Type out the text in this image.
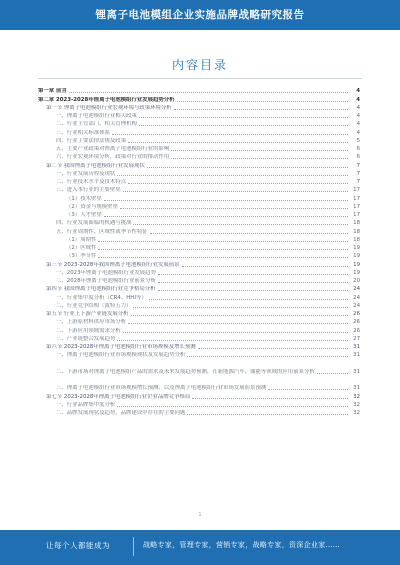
锂离子电池模组企业实施品牌战略研究报告
内容目录
第一章 前言	4
第二章 2023-2028年锂离子电池模组行业发展趋势分析	4
第一节 锂离子电池模组行业宏观环境与政策环境分析	4
一、锂离子电池模组行业相关政策	4
二、行业主管部门、相关管理机构	4
三、行业相关标准体系	4
四、行业主要法律法规及政策	5
五、主要产业政策对锂离子电池模组行业的影响	6
六、行业宏观环境分析，政策对行业的推动作用	6
第二节 我国锂离子电池模组行业发展现状	7
一、行业发展历程及现状	7
二、行业技术水平及技术特点	7
三、进入本行业的主要壁垒	17
（1）技术壁垒	17
（2）资金与规模壁垒	17
（3）人才壁垒	17
四、行业发展面临的机遇与挑战	18
五、行业周期性、区域性或季节性特征	18
（1）周期性	18
（2）区域性	19
（3）季节性	19
第三节 2023-2028年我国锂离子电池模组行业发展前景	19
一、2023年锂离子电池模组行业发展趋势	19
二、2028年锂离子电池模组行业前景分析	20
第四节 我国锂离子电池模组行业竞争格局分析	24
一、行业集中度分析（CR4、HHI等）	24
二、行业竞争结构（波特五力）	24
第五节 行业上下游产业链发展分析	26
一、上游原材料供应市场分析	26
二、下游应用领域需求分析	26
三、产业链整合发展趋势	27
第六节 2023-2028年锂离子电池模组行业市场规模及增长预测	31
一、锂离子电池模组行业市场规模现状及发展趋势分析	31
二、下游市场对锂离子电池模组产品的需求及未来发展趋势预测，在新能源汽车、储能等领域的应用前景分析	31
三、锂离子电池模组行业市场规模增长预测，以及锂离子电池模组行业市场发展前景预测	31
第七节 2023-2028年锂离子电池模组行业企业品牌竞争格局	32
一、行业品牌集中度分析	32
二、品牌发展现状及趋势，品牌建设中存在的主要问题	32
1
让每个人都能成为	战略专家，管理专家，营销专家，战略专家，资深企业家……
